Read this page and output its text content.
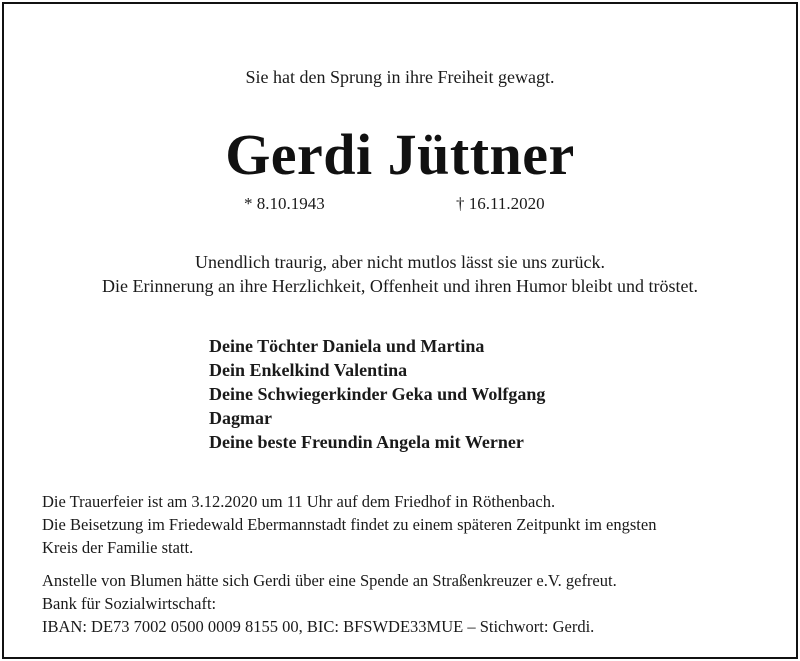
Sie hat den Sprung in ihre Freiheit gewagt.
Gerdi Jüttner
* 8.10.1943	† 16.11.2020
Unendlich traurig, aber nicht mutlos lässt sie uns zurück.
Die Erinnerung an ihre Herzlichkeit, Offenheit und ihren Humor bleibt und tröstet.
Deine Töchter Daniela und Martina
Dein Enkelkind Valentina
Deine Schwiegerkinder Geka und Wolfgang
Dagmar
Deine beste Freundin Angela mit Werner
Die Trauerfeier ist am 3.12.2020 um 11 Uhr auf dem Friedhof in Röthenbach.
Die Beisetzung im Friedewald Ebermannstadt findet zu einem späteren Zeitpunkt im engsten
Kreis der Familie statt.
Anstelle von Blumen hätte sich Gerdi über eine Spende an Straßenkreuzer e.V. gefreut.
Bank für Sozialwirtschaft:
IBAN: DE73 7002 0500 0009 8155 00, BIC: BFSWDE33MUE – Stichwort: Gerdi.
